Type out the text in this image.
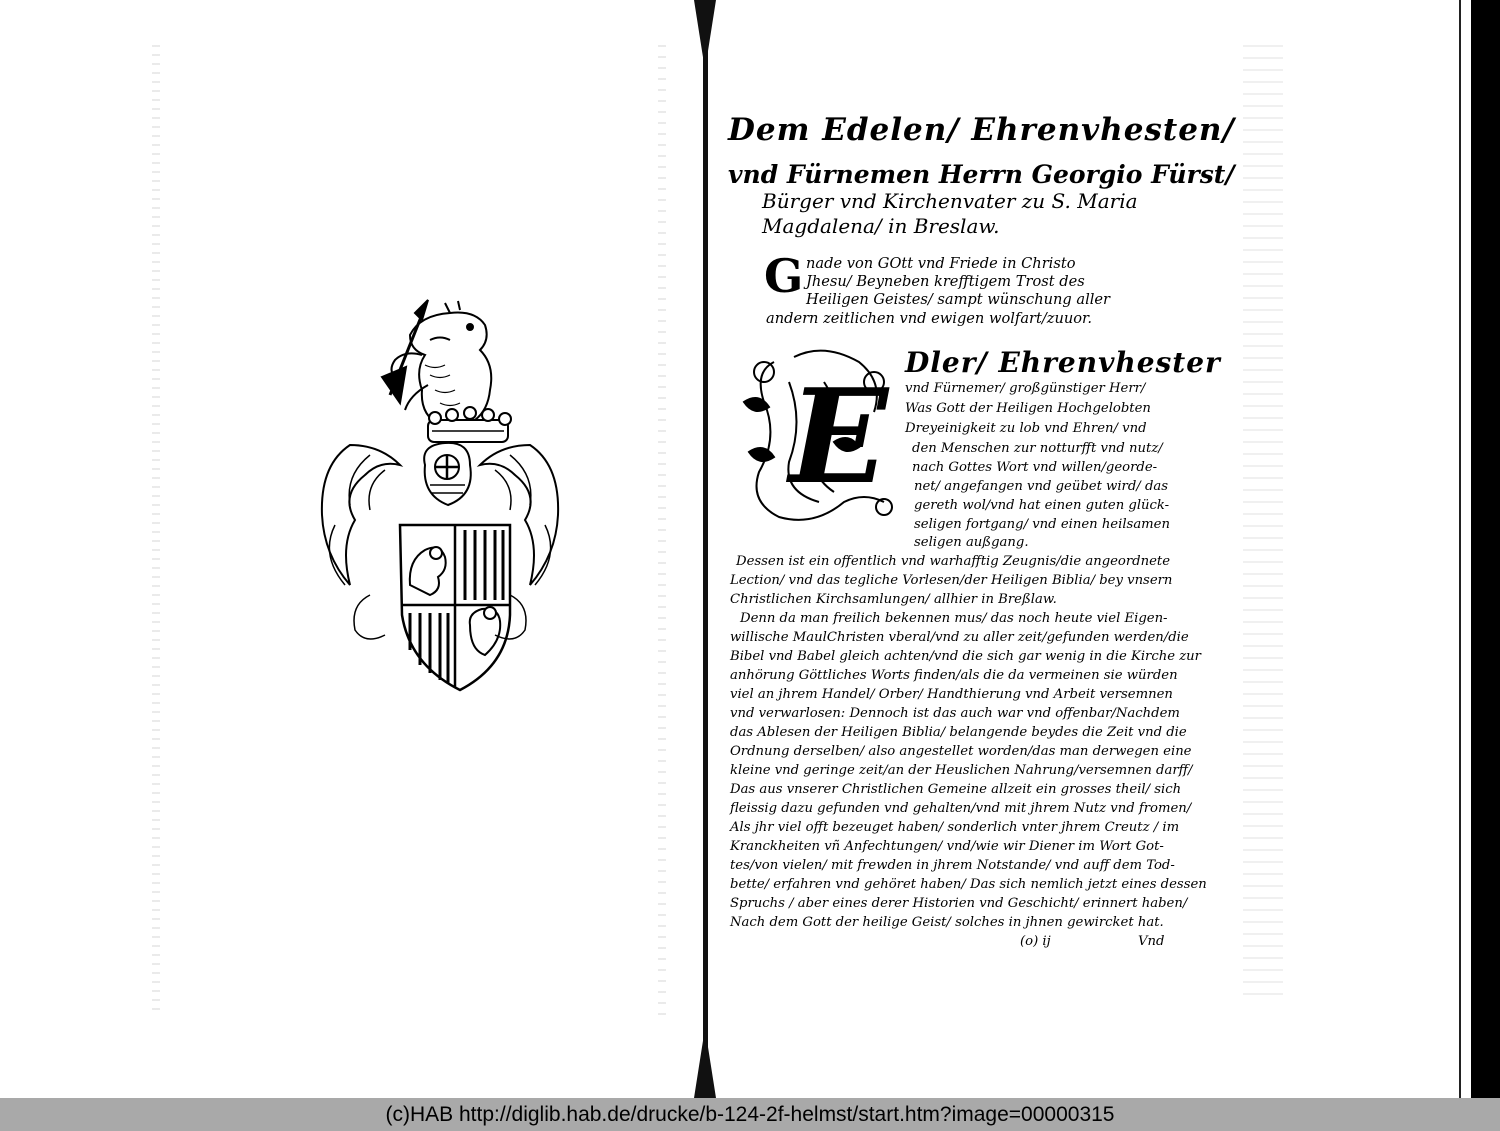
Dem Edelen/ Ehrenvhesten/
vnd Fürnemen Herrn Georgio Fürst/
Bürger vnd Kirchenvater zu S. Maria
Magdalena/ in Breslaw.
G nade von GOtt vnd Friede in Christo
Jhesu/ Beyneben krefftigem Trost des
Heiligen Geistes/ sampt wünschung aller
andern zeitlichen vnd ewigen wolfart/zuuor.
E Dler/ Ehrenvhester
vnd Fürnemer/ großgünstiger Herr/
Was Gott der Heiligen Hochgelobten
Dreyeinigkeit zu lob vnd Ehren/ vnd
den Menschen zur notturfft vnd nutz/
nach Gottes Wort vnd willen/georde-
net/ angefangen vnd geübet wird/ das
gereth wol/vnd hat einen guten glück-
seligen fortgang/ vnd einen heilsamen
seligen außgang.
Dessen ist ein offentlich vnd warhafftig Zeugnis/die angeordnete
Lection/ vnd das tegliche Vorlesen/der Heiligen Biblia/ bey vnsern
Christlichen Kirchsamlungen/ allhier in Breßlaw.
Denn da man freilich bekennen mus/ das noch heute viel Eigen-
willische MaulChristen vberal/vnd zu aller zeit/gefunden werden/die
Bibel vnd Babel gleich achten/vnd die sich gar wenig in die Kirche zur
anhörung Göttliches Worts finden/als die da vermeinen sie würden
viel an jhrem Handel/ Orber/ Handthierung vnd Arbeit versemnen
vnd verwarlosen: Dennoch ist das auch war vnd offenbar/Nachdem
das Ablesen der Heiligen Biblia/ belangende beydes die Zeit vnd die
Ordnung derselben/ also angestellet worden/das man derwegen eine
kleine vnd geringe zeit/an der Heuslichen Nahrung/versemnen darff/
Das aus vnserer Christlichen Gemeine allzeit ein grosses theil/ sich
fleissig dazu gefunden vnd gehalten/vnd mit jhrem Nutz vnd fromen/
Als jhr viel offt bezeuget haben/ sonderlich vnter jhrem Creutz / im
Kranckheiten vñ Anfechtungen/ vnd/wie wir Diener im Wort Got-
tes/von vielen/ mit frewden in jhrem Notstande/ vnd auff dem Tod-
bette/ erfahren vnd gehöret haben/ Das sich nemlich jetzt eines dessen
Spruchs / aber eines derer Historien vnd Geschicht/ erinnert haben/
Nach dem Gott der heilige Geist/ solches in jhnen gewircket hat.
(o) ij	Vnd
(c)HAB http://diglib.hab.de/drucke/b-124-2f-helmst/start.htm?image=00000315
